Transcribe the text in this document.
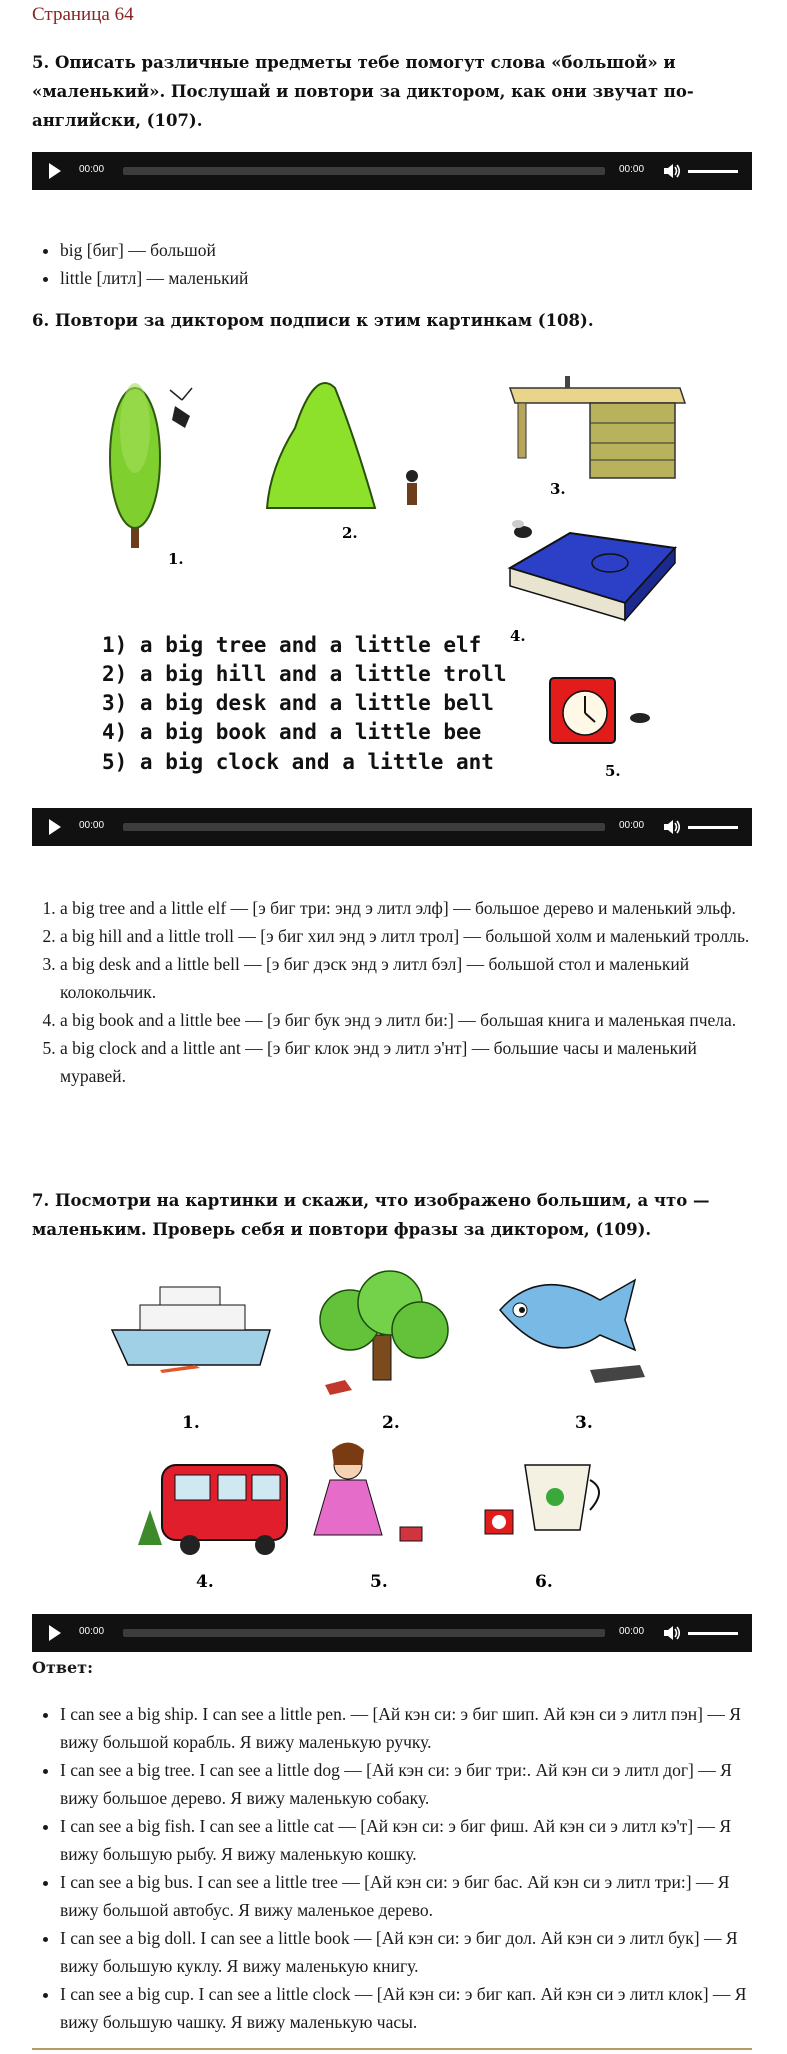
Страница 64
5. Описать различные предметы тебе помогут слова «большой» и «маленький». Послушай и повтори за диктором, как они звучат по-английски, (107).
00:00	00:00
• big [биг] — большой
• little [литл] — маленький
6. Повтори за диктором подписи к этим картинкам (108).
1.
2.
3.
4.
5.
1) a big tree and a little elf
2) a big hill and a little troll
3) a big desk and a little bell
4) a big book and a little bee
5) a big clock and a little ant
00:00	00:00
1. a big tree and a little elf — [э биг три: энд э литл элф] — большое дерево и маленький эльф.
2. a big hill and a little troll — [э биг хил энд э литл трол] — большой холм и маленький тролль.
3. a big desk and a little bell — [э биг дэск энд э литл бэл] — большой стол и маленький колокольчик.
4. a big book and a little bee — [э биг бук энд э литл би:] — большая книга и маленькая пчела.
5. a big clock and a little ant — [э биг клок энд э литл э'нт] — большие часы и маленький муравей.
7. Посмотри на картинки и скажи, что изображено большим, а что — маленьким. Проверь себя и повтори фразы за диктором, (109).
1.	2.	3.
4.	5.	6.
00:00	00:00
Ответ:
• I can see a big ship. I can see a little pen. — [Ай кэн си: э биг шип. Ай кэн си э литл пэн] — Я вижу большой корабль. Я вижу маленькую ручку.
• I can see a big tree. I can see a little dog — [Ай кэн си: э биг три:. Ай кэн си э литл дог] — Я вижу большое дерево. Я вижу маленькую собаку.
• I can see a big fish. I can see a little cat — [Ай кэн си: э биг фиш. Ай кэн си э литл кэ'т] — Я вижу большую рыбу. Я вижу маленькую кошку.
• I can see a big bus. I can see a little tree — [Ай кэн си: э биг бас. Ай кэн си э литл три:] — Я вижу большой автобус. Я вижу маленькое дерево.
• I can see a big doll. I can see a little book — [Ай кэн си: э биг дол. Ай кэн си э литл бук] — Я вижу большую куклу. Я вижу маленькую книгу.
• I can see a big cup. I can see a little clock — [Ай кэн си: э биг кап. Ай кэн си э литл клок] — Я вижу большую чашку. Я вижу маленькую часы.
